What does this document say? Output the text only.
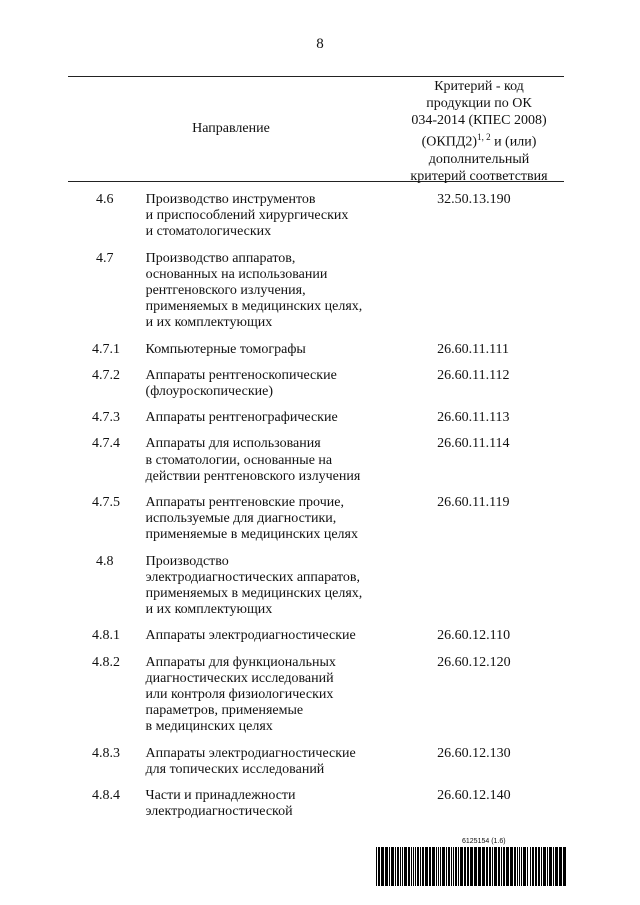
8
Направление
Критерий - код
продукции по ОК
034-2014 (КПЕС 2008)
(ОКПД2)$^{1, 2}$ и (или)
дополнительный
критерий соответствия
4.6	Производство инструментов
и приспособлений хирургических
и стоматологических
32.50.13.190
4.7	Производство аппаратов,
основанных на использовании
рентгеновского излучения,
применяемых в медицинских целях,
и их комплектующих
4.7.1	Компьютерные томографы	26.60.11.111
4.7.2	Аппараты рентгеноскопические
(флоуроскопические)
26.60.11.112
4.7.3	Аппараты рентгенографические	26.60.11.113
4.7.4	Аппараты для использования
в стоматологии, основанные на
действии рентгеновского излучения
26.60.11.114
4.7.5	Аппараты рентгеновские прочие,
используемые для диагностики,
применяемые в медицинских целях
26.60.11.119
4.8	Производство
электродиагностических аппаратов,
применяемых в медицинских целях,
и их комплектующих
4.8.1	Аппараты электродиагностические	26.60.12.110
4.8.2	Аппараты для функциональных
диагностических исследований
или контроля физиологических
параметров, применяемые
в медицинских целях
26.60.12.120
4.8.3	Аппараты электродиагностические
для топических исследований
26.60.12.130
4.8.4	Части и принадлежности
электродиагностической
26.60.12.140
6125154 (1.6)
